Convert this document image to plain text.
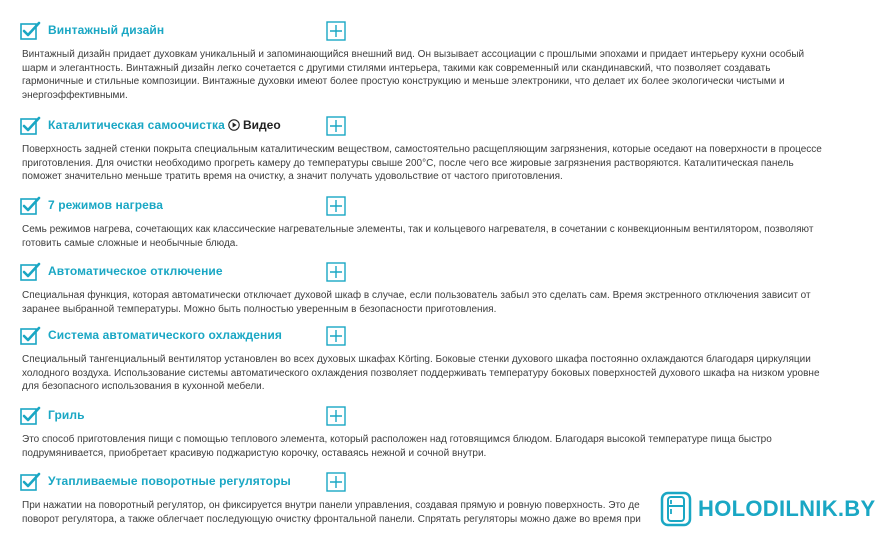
Винтажный дизайн
Винтажный дизайн придает духовкам уникальный и запоминающийся внешний вид. Он вызывает ассоциации с прошлыми эпохами и придает интерьеру кухни особый шарм и элегантность. Винтажный дизайн легко сочетается с другими стилями интерьера, такими как современный или скандинавский, что позволяет создавать гармоничные и стильные композиции. Винтажные духовки имеют более простую конструкцию и меньше электроники, что делает их более экологически чистыми и энергоэффективными.
Каталитическая самоочистка Видео
Поверхность задней стенки покрыта специальным каталитическим веществом, самостоятельно расщепляющим загрязнения, которые оседают на поверхности в процессе приготовления. Для очистки необходимо прогреть камеру до температуры свыше 200°С, после чего все жировые загрязнения растворяются. Каталитическая панель поможет значительно меньше тратить время на очистку, а значит получать удовольствие от частого приготовления.
7 режимов нагрева
Семь режимов нагрева, сочетающих как классические нагревательные элементы, так и кольцевого нагревателя, в сочетании с конвекционным вентилятором, позволяют готовить самые сложные и необычные блюда.
Автоматическое отключение
Специальная функция, которая автоматически отключает духовой шкаф в случае, если пользователь забыл это сделать сам. Время экстренного отключения зависит от заранее выбранной температуры. Можно быть полностью уверенным в безопасности приготовления.
Система автоматического охлаждения
Специальный тангенциальный вентилятор установлен во всех духовых шкафах Körting. Боковые стенки духового шкафа постоянно охлаждаются благодаря циркуляции холодного воздуха. Использование системы автоматического охлаждения позволяет поддерживать температуру боковых поверхностей духового шкафа на низком уровне для безопасного использования в кухонной мебели.
Гриль
Это способ приготовления пищи с помощью теплового элемента, который расположен над готовящимся блюдом. Благодаря высокой температуре пища быстро подрумянивается, приобретает красивую поджаристую корочку, оставаясь нежной и сочной внутри.
Утапливаемые поворотные регуляторы
При нажатии на поворотный регулятор, он фиксируется внутри панели управления, создавая прямую и ровную поверхность. Это де поворот регулятора, а также облегчает последующую очистку фронтальной панели. Спрятать регуляторы можно даже во время при	HOLODILNIK.BY
